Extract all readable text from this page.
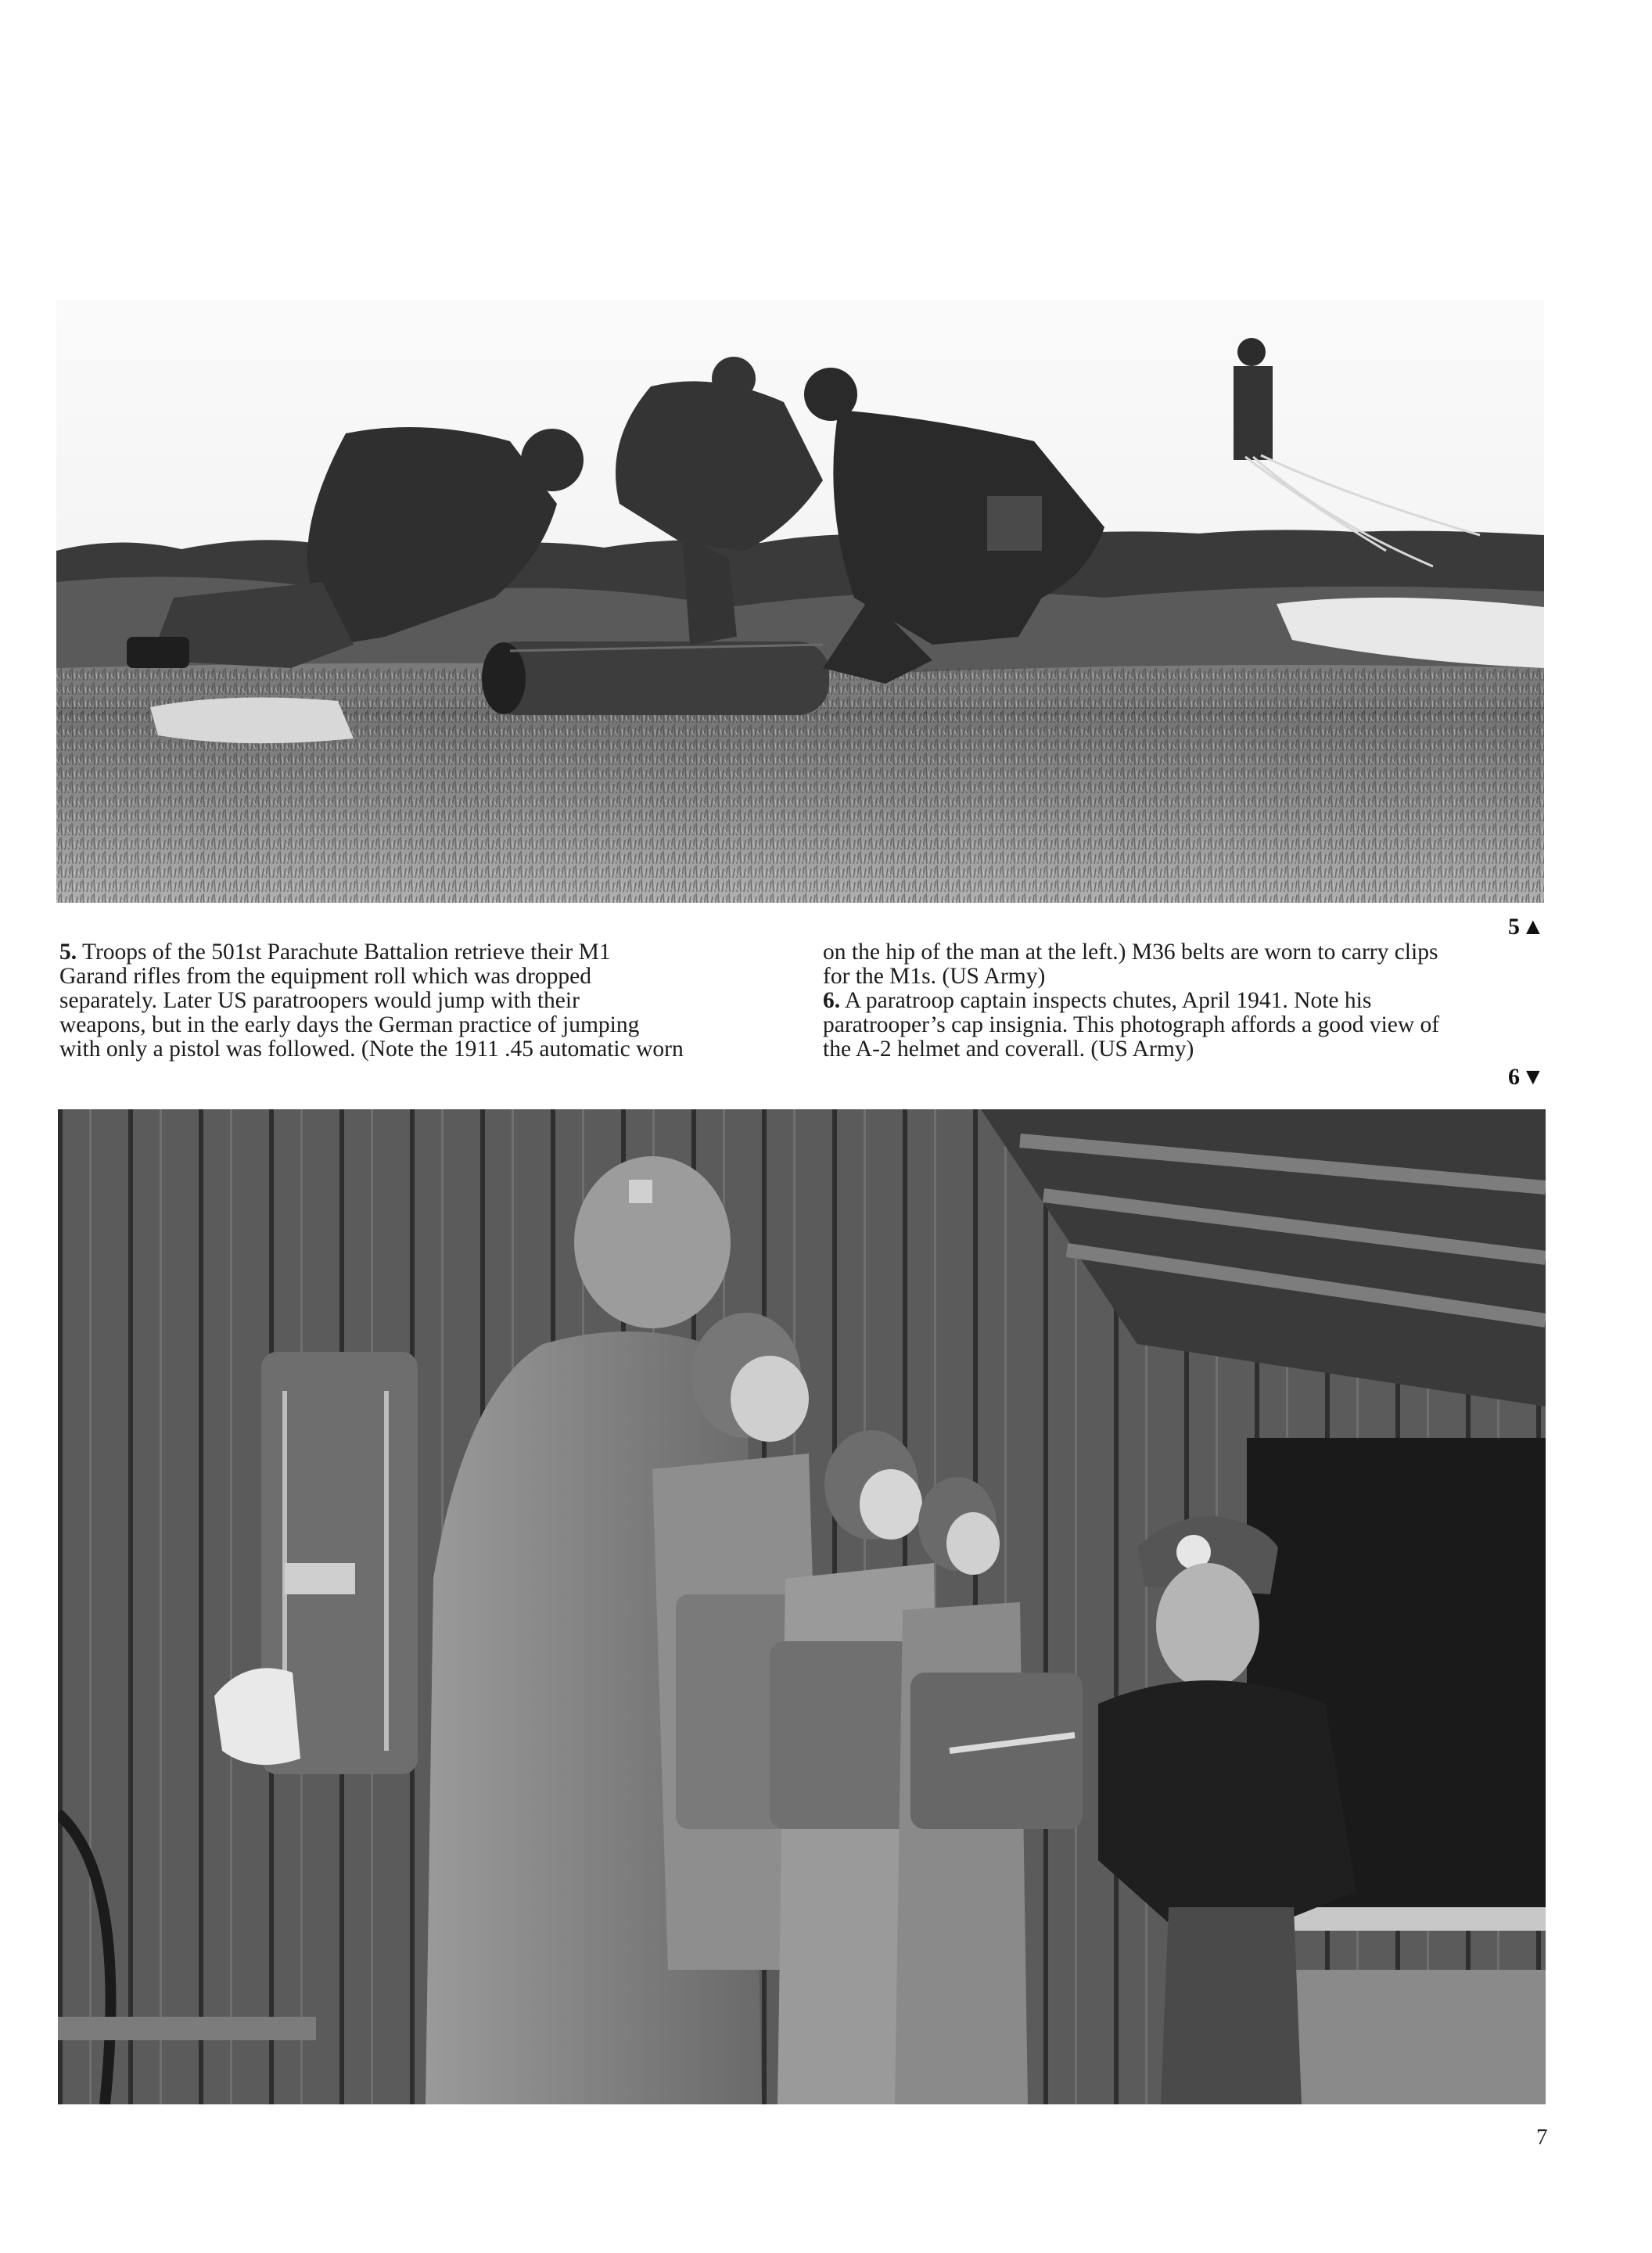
5▲

5. Troops of the 501st Parachute Battalion retrieve their M1

Garand rifles from the equipment roll which was dropped

separately. Later US paratroopers would jump with their

weapons, but in the early days the German practice of jumping

with only a pistol was followed. (Note the 1911 .45 automatic worn

on the hip of the man at the left.) M36 belts are worn to carry clips

for the M1s. (US Army)

6. A paratroop captain inspects chutes, April 1941. Note his

paratrooper’s cap insignia. This photograph affords a good view of

the A-2 helmet and coverall. (US Army)

6▼
7
